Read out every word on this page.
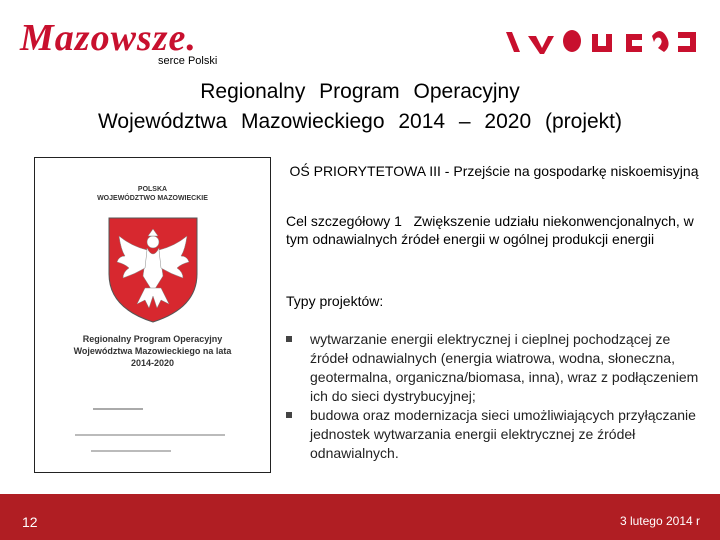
Mazowsze.
serce Polski
Regionalny Program Operacyjny
Województwa Mazowieckiego 2014 – 2020 (projekt)
POLSKA
WOJEWÓDZTWO MAZOWIECKIE
Regionalny Program Operacyjny
Województwa Mazowieckiego na lata
2014-2020
OŚ PRIORYTETOWA III - Przejście na gospodarkę niskoemisyjną
Cel szczegółowy 1 Zwiększenie udziału niekonwencjonalnych, w tym odnawialnych źródeł energii w ogólnej produkcji energii
Typy projektów:
wytwarzanie energii elektrycznej i cieplnej pochodzącej ze źródeł odnawialnych (energia wiatrowa, wodna, słoneczna, geotermalna, organiczna/biomasa, inna), wraz z podłączeniem ich do sieci dystrybucyjnej;
budowa oraz modernizacja sieci umożliwiających przyłączanie jednostek wytwarzania energii elektrycznej ze źródeł odnawialnych.
12	3 lutego 2014 r
